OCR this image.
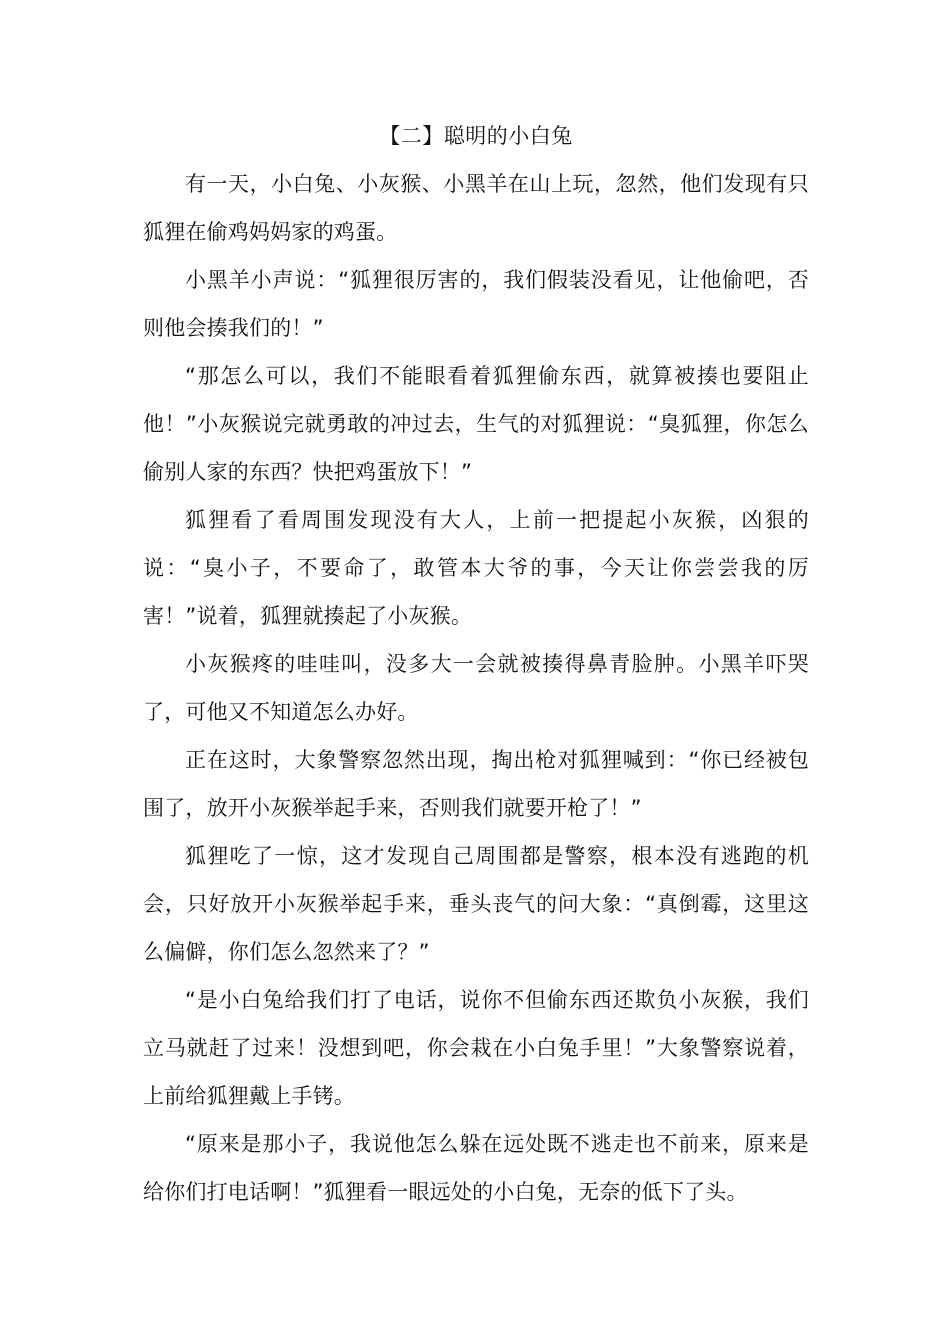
【二】聪明的小白兔

有一天，小白兔、小灰猴、小黑羊在山上玩，忽然，他们发现有只狐狸在偷鸡妈妈家的鸡蛋。

小黑羊小声说：“狐狸很厉害的，我们假装没看见，让他偷吧，否则他会揍我们的！”

“那怎么可以，我们不能眼看着狐狸偷东西，就算被揍也要阻止他！”小灰猴说完就勇敢的冲过去，生气的对狐狸说：“臭狐狸，你怎么偷别人家的东西？快把鸡蛋放下！”

狐狸看了看周围发现没有大人，上前一把提起小灰猴，凶狠的说：“臭小子，不要命了，敢管本大爷的事，今天让你尝尝我的厉害！”说着，狐狸就揍起了小灰猴。

小灰猴疼的哇哇叫，没多大一会就被揍得鼻青脸肿。小黑羊吓哭了，可他又不知道怎么办好。

正在这时，大象警察忽然出现，掏出枪对狐狸喊到：“你已经被包围了，放开小灰猴举起手来，否则我们就要开枪了！”

狐狸吃了一惊，这才发现自己周围都是警察，根本没有逃跑的机会，只好放开小灰猴举起手来，垂头丧气的问大象：“真倒霉，这里这么偏僻，你们怎么忽然来了？”

“是小白兔给我们打了电话，说你不但偷东西还欺负小灰猴，我们立马就赶了过来！没想到吧，你会栽在小白兔手里！”大象警察说着，上前给狐狸戴上手铐。

“原来是那小子，我说他怎么躲在远处既不逃走也不前来，原来是给你们打电话啊！”狐狸看一眼远处的小白兔，无奈的低下了头。
